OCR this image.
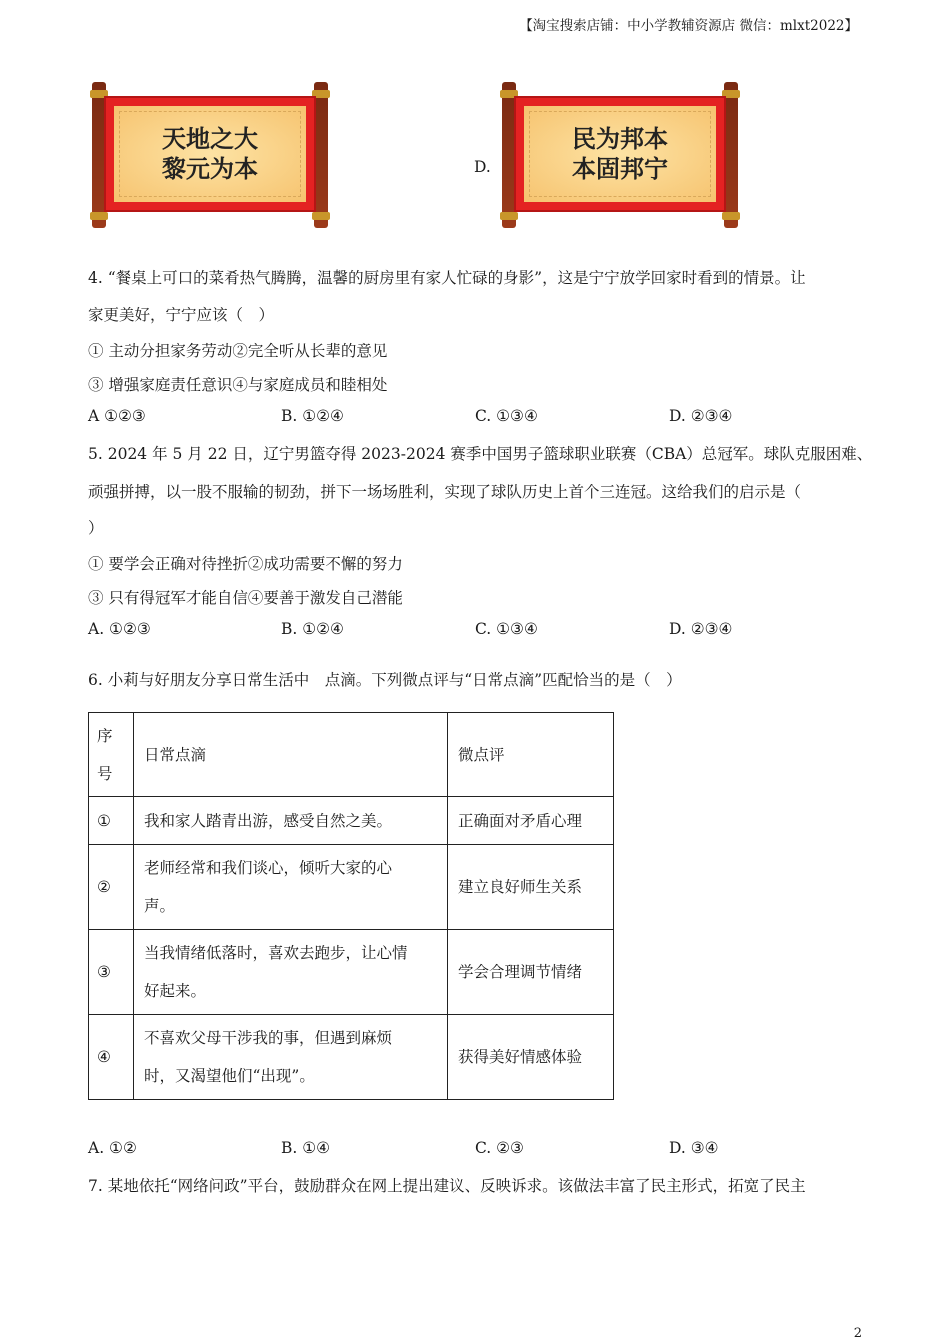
【淘宝搜索店铺：中小学教辅资源店 微信：mlxt2022】
天地之大
黎元为本	D.
民为邦本
本固邦宁
4. “餐桌上可口的菜肴热气腾腾，温馨的厨房里有家人忙碌的身影”，这是宁宁放学回家时看到的情景。让
家更美好，宁宁应该（　）
① 主动分担家务劳动②完全听从长辈的意见
③ 增强家庭责任意识④与家庭成员和睦相处
A ①②③	B. ①②④	C. ①③④	D. ②③④
5. 2024 年 5 月 22 日，辽宁男篮夺得 2023-2024 赛季中国男子篮球职业联赛（CBA）总冠军。球队克服困难、
顽强拼搏，以一股不服输的韧劲，拼下一场场胜利，实现了球队历史上首个三连冠。这给我们的启示是（
）
① 要学会正确对待挫折②成功需要不懈的努力
③ 只有得冠军才能自信④要善于激发自己潜能
A. ①②③	B. ①②④	C. ①③④	D. ②③④
6. 小莉与好朋友分享日常生活中　点滴。下列微点评与“日常点滴”匹配恰当的是（　）
序号	日常点滴	微点评
①	我和家人踏青出游，感受自然之美。	正确面对矛盾心理
②	老师经常和我们谈心，倾听大家的心
声。	建立良好师生关系
③	当我情绪低落时，喜欢去跑步，让心情
好起来。	学会合理调节情绪
④	不喜欢父母干涉我的事，但遇到麻烦
时，又渴望他们“出现”。	获得美好情感体验
A. ①②	B. ①④	C. ②③	D. ③④
7. 某地依托“网络问政”平台，鼓励群众在网上提出建议、反映诉求。该做法丰富了民主形式，拓宽了民主
2
